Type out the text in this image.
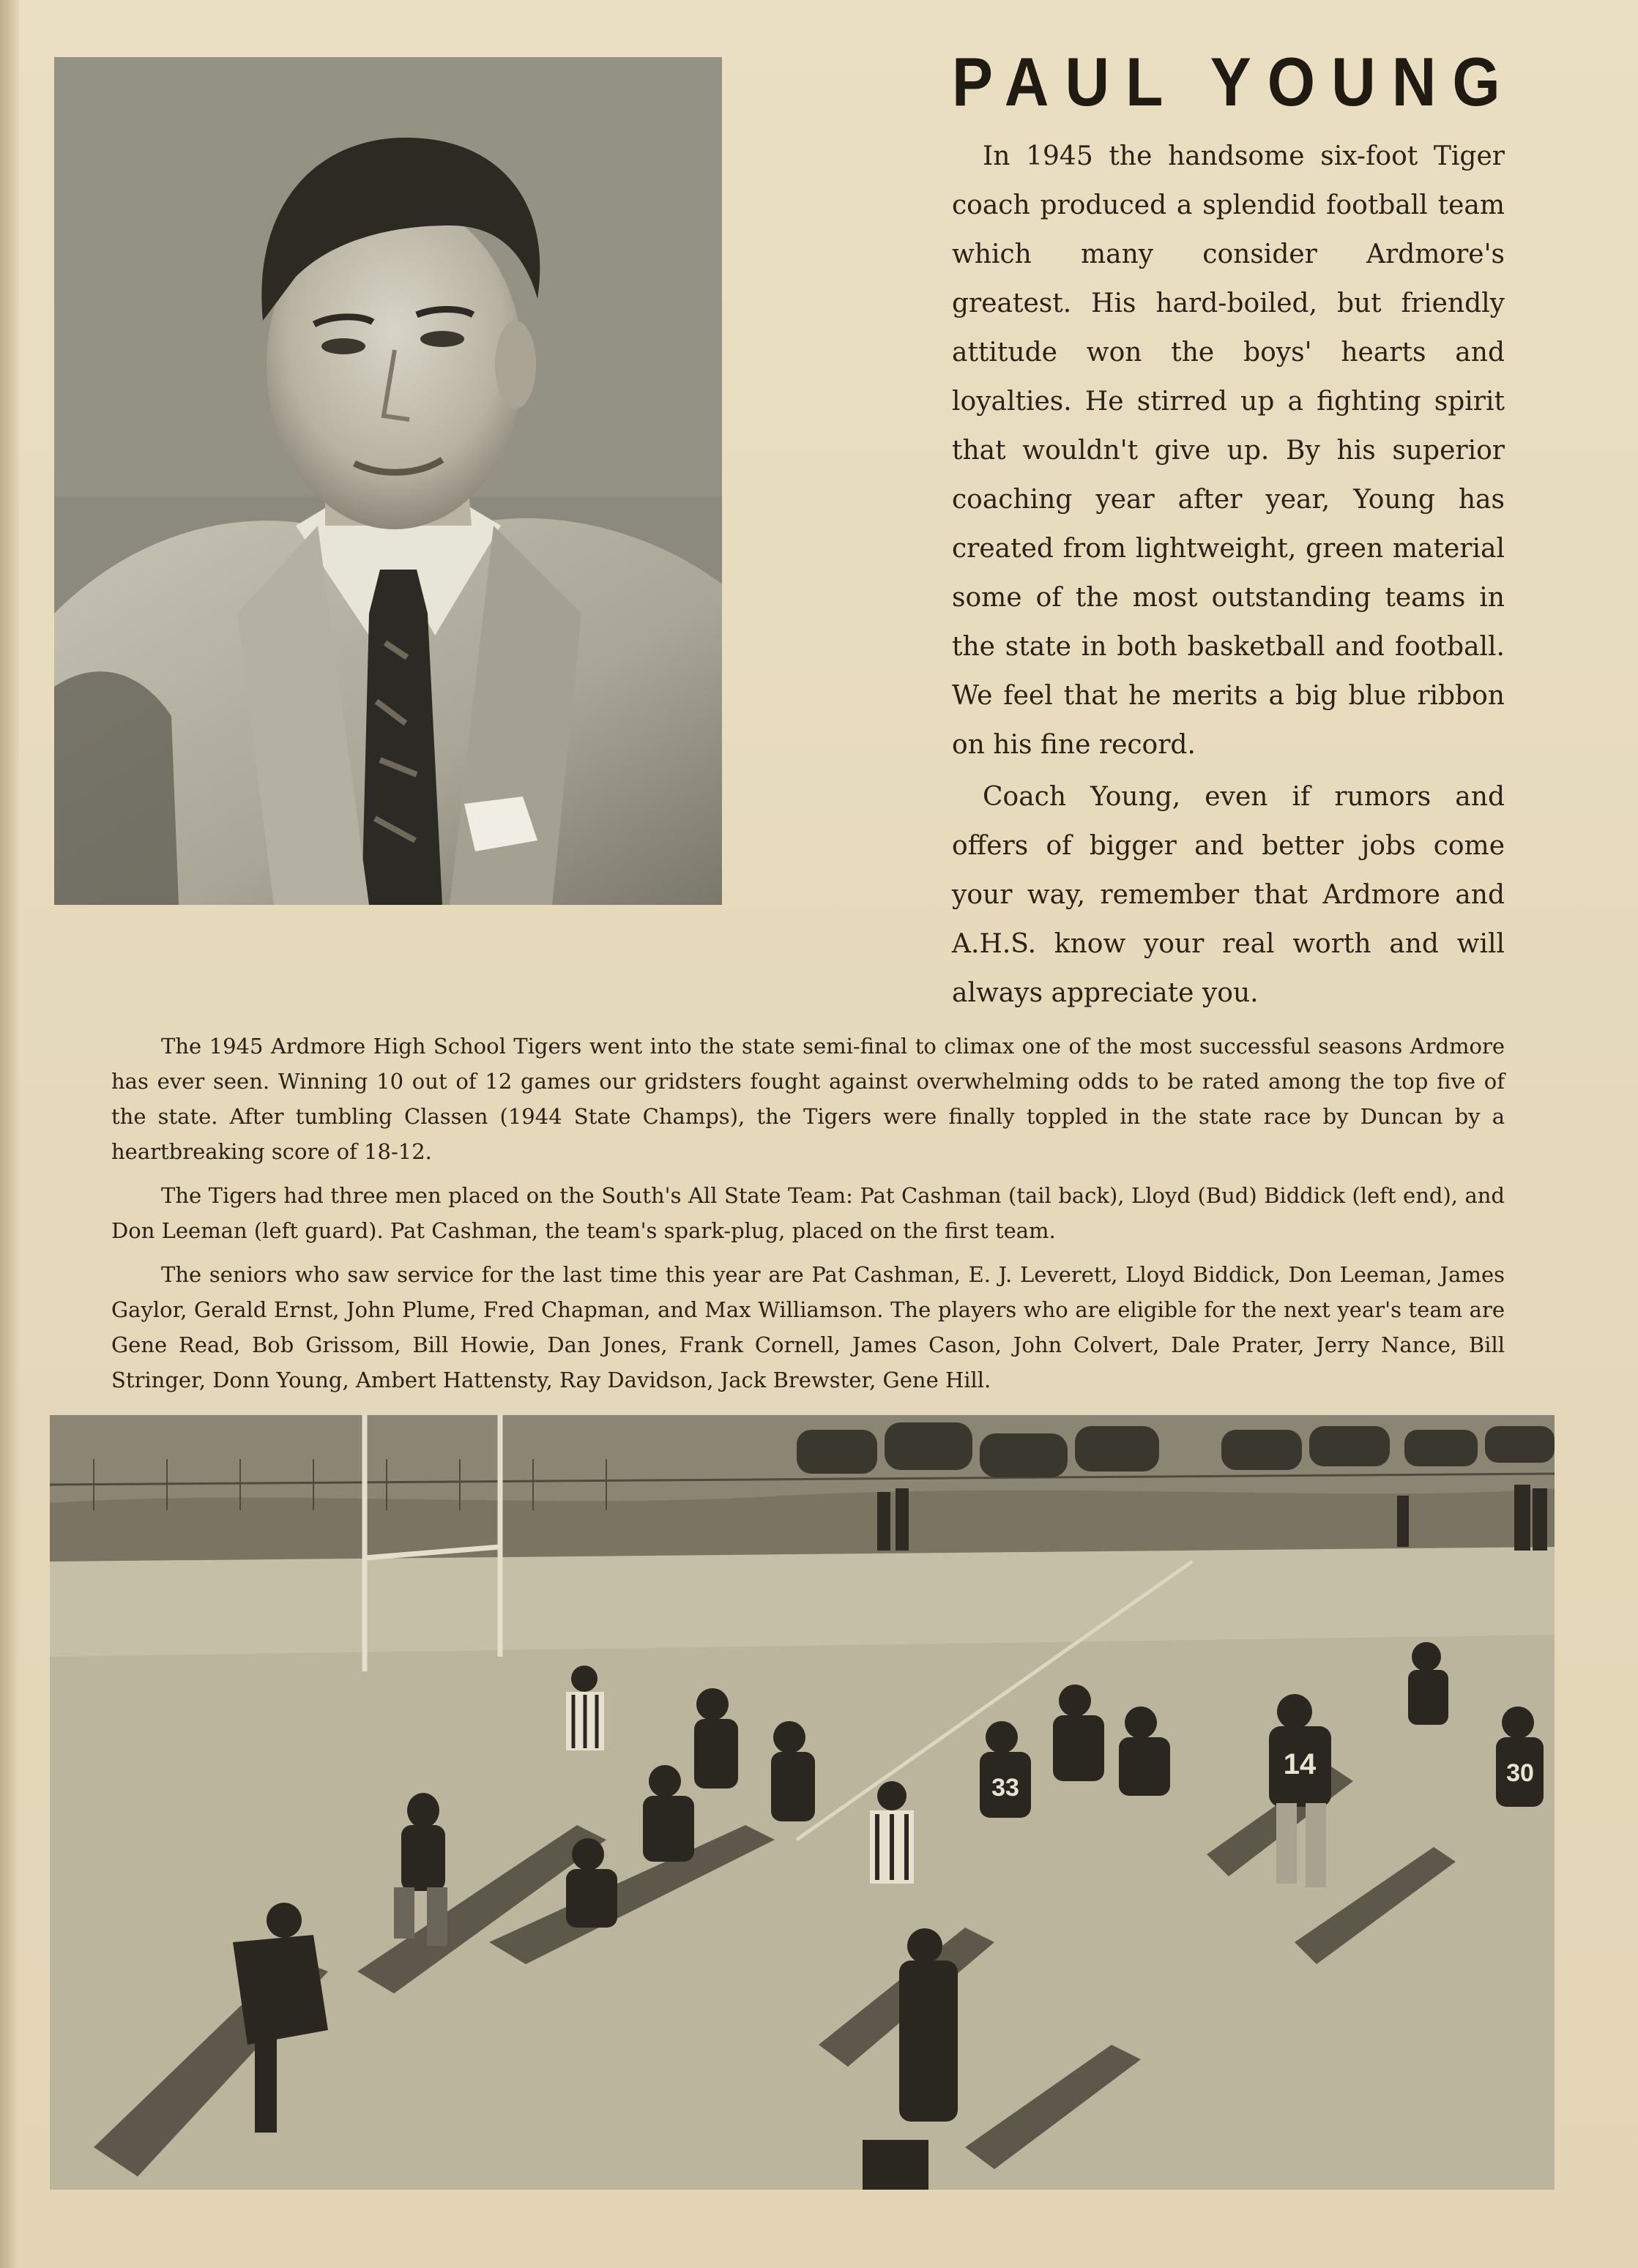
PAUL YOUNG

In 1945 the handsome six-foot Tiger coach produced a splendid football team which many consider Ardmore's greatest. His hard-boiled, but friendly attitude won the boys' hearts and loyalties. He stirred up a fighting spirit that wouldn't give up. By his superior coaching year after year, Young has created from lightweight, green material some of the most outstanding teams in the state in both basketball and football. We feel that he merits a big blue ribbon on his fine record.

Coach Young, even if rumors and offers of bigger and better jobs come your way, remember that Ardmore and A.H.S. know your real worth and will always appreciate you.

The 1945 Ardmore High School Tigers went into the state semi-final to climax one of the most successful seasons Ardmore has ever seen. Winning 10 out of 12 games our gridsters fought against overwhelming odds to be rated among the top five of the state. After tumbling Classen (1944 State Champs), the Tigers were finally toppled in the state race by Duncan by a heartbreaking score of 18-12.

The Tigers had three men placed on the South's All State Team: Pat Cashman (tail back), Lloyd (Bud) Biddick (left end), and Don Leeman (left guard). Pat Cashman, the team's spark-plug, placed on the first team.

The seniors who saw service for the last time this year are Pat Cashman, E. J. Leverett, Lloyd Biddick, Don Leeman, James Gaylor, Gerald Ernst, John Plume, Fred Chapman, and Max Williamson. The players who are eligible for the next year's team are Gene Read, Bob Grissom, Bill Howie, Dan Jones, Frank Cornell, James Cason, John Colvert, Dale Prater, Jerry Nance, Bill Stringer, Donn Young, Ambert Hattensty, Ray Davidson, Jack Brewster, Gene Hill.

33
14	30
